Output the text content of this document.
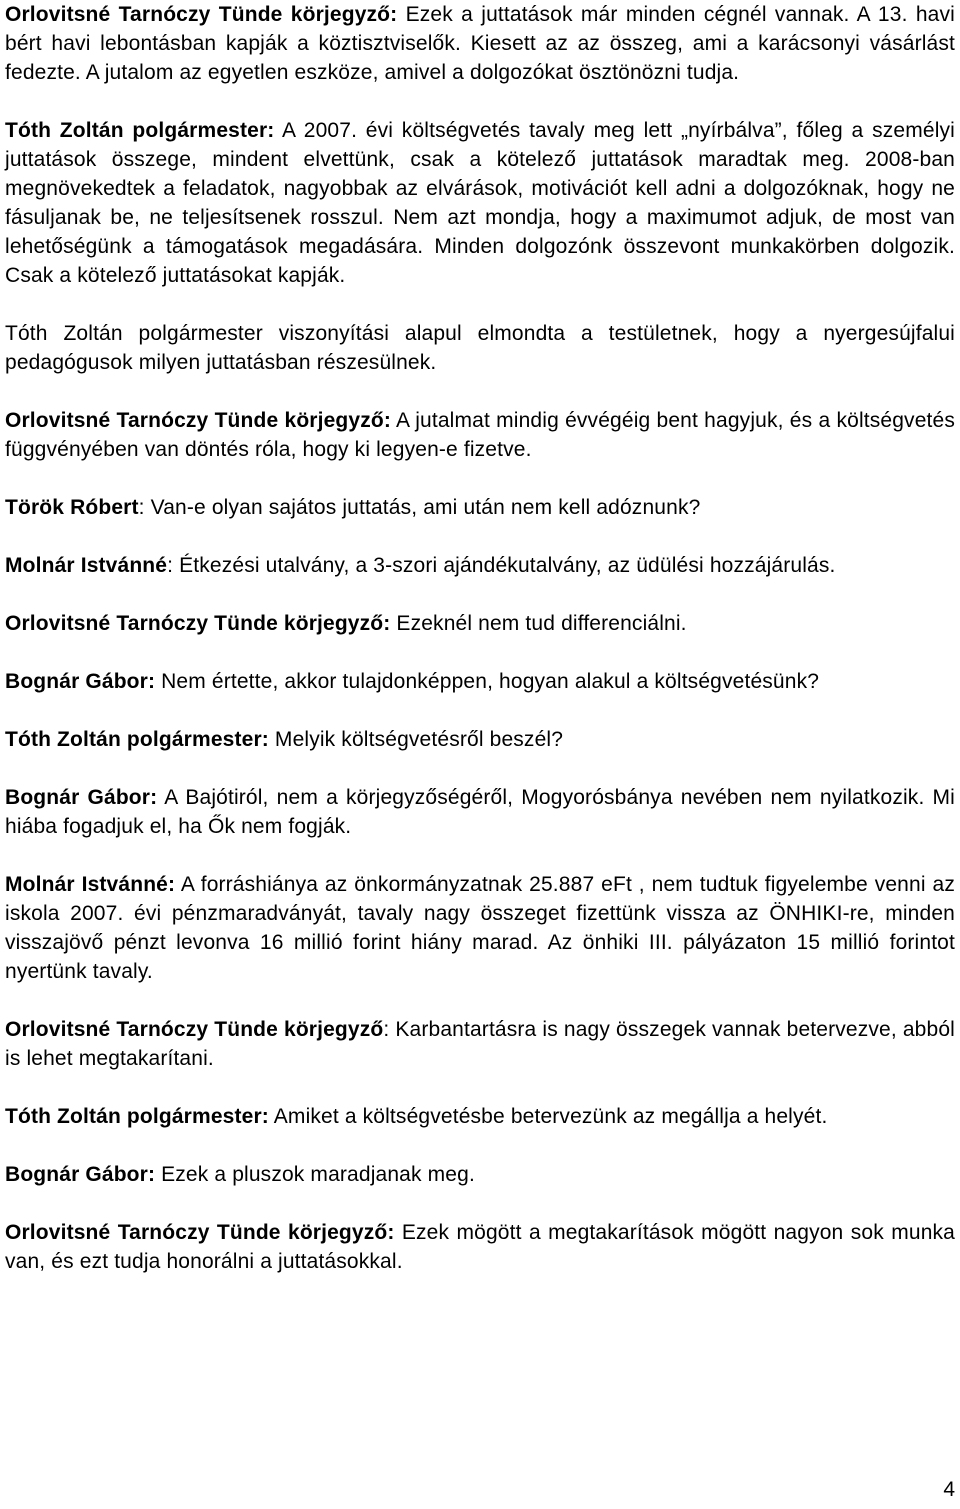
Orlovitsné Tarnóczy Tünde körjegyző: Ezek a juttatások már minden cégnél vannak. A 13. havi bért havi lebontásban kapják a köztisztviselők. Kiesett az az összeg, ami a karácsonyi vásárlást fedezte. A jutalom az egyetlen eszköze, amivel a dolgozókat ösztönözni tudja.

Tóth Zoltán polgármester: A 2007. évi költségvetés tavaly meg lett „nyírbálva”, főleg a személyi juttatások összege, mindent elvettünk, csak a kötelező juttatások maradtak meg. 2008-ban megnövekedtek a feladatok, nagyobbak az elvárások, motivációt kell adni a dolgozóknak, hogy ne fásuljanak be, ne teljesítsenek rosszul. Nem azt mondja, hogy a maximumot adjuk, de most van lehetőségünk a támogatások megadására. Minden dolgozónk összevont munkakörben dolgozik. Csak a kötelező juttatásokat kapják.

Tóth Zoltán polgármester viszonyítási alapul elmondta a testületnek, hogy a nyergesújfalui pedagógusok milyen juttatásban részesülnek.

Orlovitsné Tarnóczy Tünde körjegyző: A jutalmat mindig évvégéig bent hagyjuk, és a költségvetés függvényében van döntés róla, hogy ki legyen-e fizetve.

Török Róbert: Van-e olyan sajátos juttatás, ami után nem kell adóznunk?

Molnár Istvánné: Étkezési utalvány, a 3-szori ajándékutalvány, az üdülési hozzájárulás.

Orlovitsné Tarnóczy Tünde körjegyző: Ezeknél nem tud differenciálni.

Bognár Gábor: Nem értette, akkor tulajdonképpen, hogyan alakul a költségvetésünk?

Tóth Zoltán polgármester: Melyik költségvetésről beszél?

Bognár Gábor: A Bajótiról, nem a körjegyzőségéről, Mogyorósbánya nevében nem nyilatkozik. Mi hiába fogadjuk el, ha Ők nem fogják.

Molnár Istvánné: A forráshiánya az önkormányzatnak 25.887 eFt , nem tudtuk figyelembe venni az iskola 2007. évi pénzmaradványát, tavaly nagy összeget fizettünk vissza az ÖNHIKI-re, minden visszajövő pénzt levonva 16 millió forint hiány marad. Az önhiki III. pályázaton 15 millió forintot nyertünk tavaly.

Orlovitsné Tarnóczy Tünde körjegyző: Karbantartásra is nagy összegek vannak betervezve, abból is lehet megtakarítani.

Tóth Zoltán polgármester: Amiket a költségvetésbe betervezünk az megállja a helyét.

Bognár Gábor: Ezek a pluszok maradjanak meg.

Orlovitsné Tarnóczy Tünde körjegyző: Ezek mögött a megtakarítások mögött nagyon sok munka van, és ezt tudja honorálni a juttatásokkal.

4
